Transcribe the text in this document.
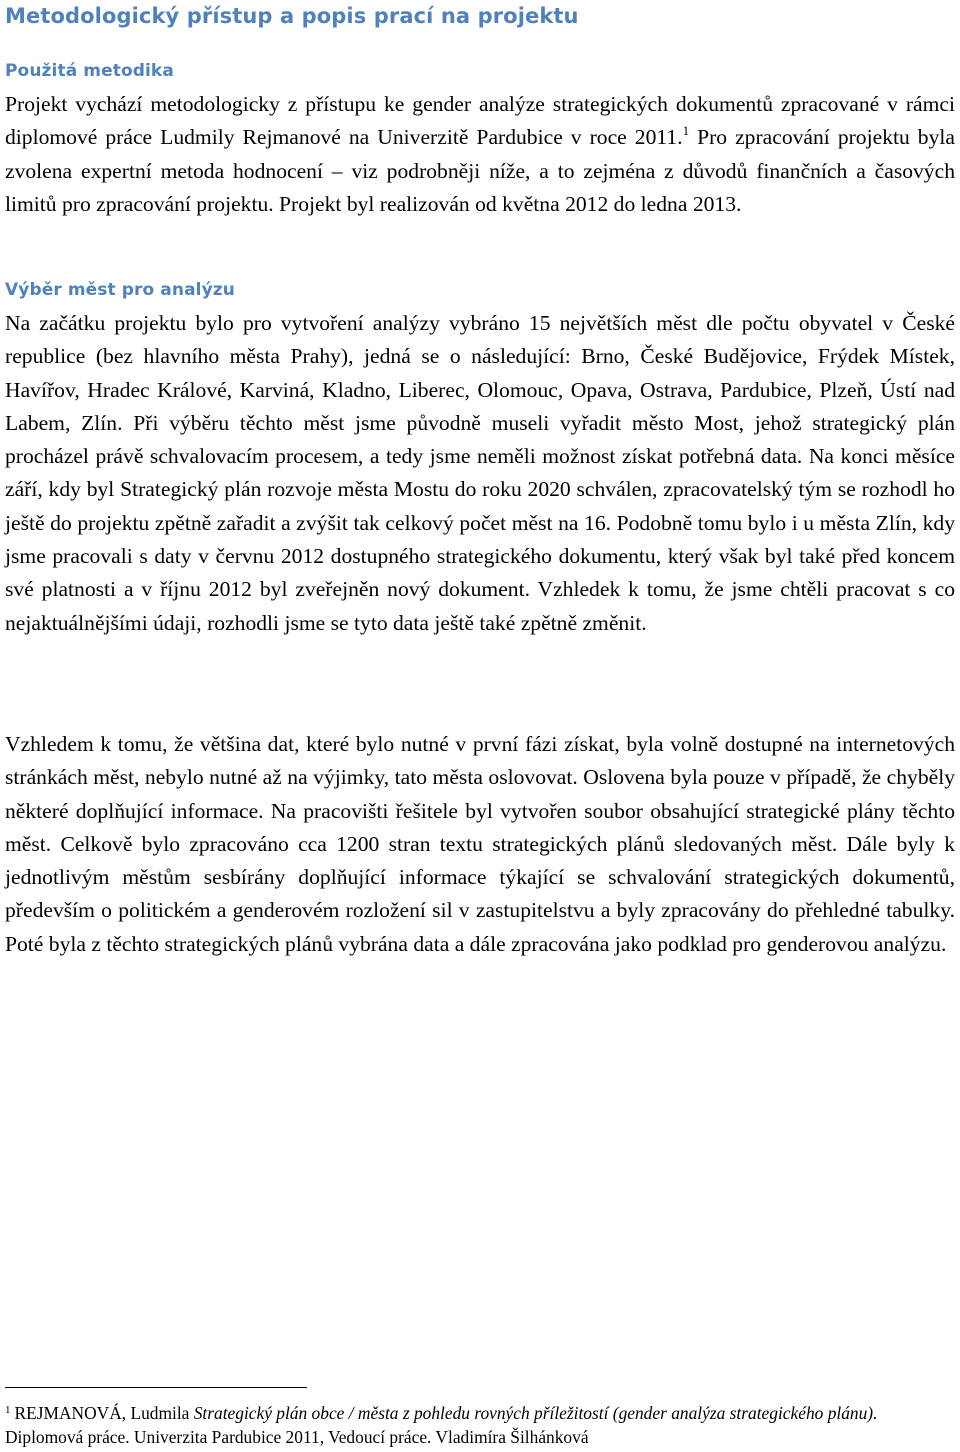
Metodologický přístup a popis prací na projektu
Použitá metodika

Projekt vychází metodologicky z přístupu ke gender analýze strategických dokumentů zpracované v rámci diplomové práce Ludmily Rejmanové na Univerzitě Pardubice v roce 2011.$^1$ Pro zpracování projektu byla zvolena expertní metoda hodnocení – viz podrobněji níže, a to zejména z důvodů finančních a časových limitů pro zpracování projektu. Projekt byl realizován od května 2012 do ledna 2013.

Výběr měst pro analýzu

Na začátku projektu bylo pro vytvoření analýzy vybráno 15 největších měst dle počtu obyvatel v České republice (bez hlavního města Prahy), jedná se o následující: Brno, České Budějovice, Frýdek Místek, Havířov, Hradec Králové, Karviná, Kladno, Liberec, Olomouc, Opava, Ostrava, Pardubice, Plzeň, Ústí nad Labem, Zlín. Při výběru těchto měst jsme původně museli vyřadit město Most, jehož strategický plán procházel právě schvalovacím procesem, a tedy jsme neměli možnost získat potřebná data. Na konci měsíce září, kdy byl Strategický plán rozvoje města Mostu do roku 2020 schválen, zpracovatelský tým se rozhodl ho ještě do projektu zpětně zařadit a zvýšit tak celkový počet měst na 16. Podobně tomu bylo i u města Zlín, kdy jsme pracovali s daty v červnu 2012 dostupného strategického dokumentu, který však byl také před koncem své platnosti a v říjnu 2012 byl zveřejněn nový dokument. Vzhledek k tomu, že jsme chtěli pracovat s co nejaktuálnějšími údaji, rozhodli jsme se tyto data ještě také zpětně změnit.

Vzhledem k tomu, že většina dat, které bylo nutné v první fázi získat, byla volně dostupné na internetových stránkách měst, nebylo nutné až na výjimky, tato města oslovovat. Oslovena byla pouze v případě, že chyběly některé doplňující informace. Na pracovišti řešitele byl vytvořen soubor obsahující strategické plány těchto měst. Celkově bylo zpracováno cca 1200 stran textu strategických plánů sledovaných měst. Dále byly k jednotlivým městům sesbírány doplňující informace týkající se schvalování strategických dokumentů, především o politickém a genderovém rozložení sil v zastupitelstvu a byly zpracovány do přehledné tabulky. Poté byla z těchto strategických plánů vybrána data a dále zpracována jako podklad pro genderovou analýzu.

$^1$ REJMANOVÁ, Ludmila Strategický plán obce / města z pohledu rovných příležitostí (gender analýza strategického plánu). Diplomová práce. Univerzita Pardubice 2011, Vedoucí práce. Vladimíra Šilhánková
